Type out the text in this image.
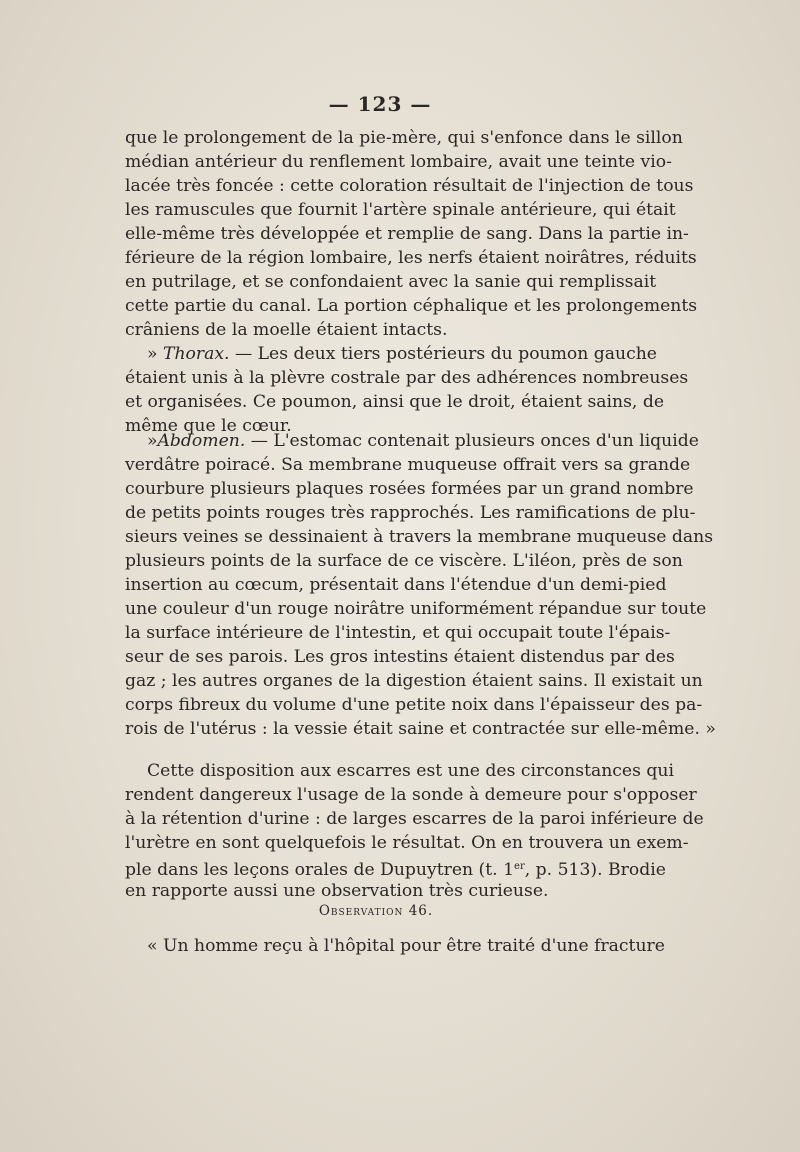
— 123 —
que le prolongement de la pie-mère, qui s'enfonce dans le sillon
médian antérieur du renflement lombaire, avait une teinte vio-
lacée très foncée : cette coloration résultait de l'injection de tous
les ramuscules que fournit l'artère spinale antérieure, qui était
elle-même très développée et remplie de sang. Dans la partie in-
férieure de la région lombaire, les nerfs étaient noirâtres, réduits
en putrilage, et se confondaient avec la sanie qui remplissait
cette partie du canal. La portion céphalique et les prolongements
crâniens de la moelle étaient intacts.
» Thorax. — Les deux tiers postérieurs du poumon gauche
étaient unis à la plèvre costrale par des adhérences nombreuses
et organisées. Ce poumon, ainsi que le droit, étaient sains, de
même que le cœur.
»Abdomen. — L'estomac contenait plusieurs onces d'un liquide
verdâtre poiracé. Sa membrane muqueuse offrait vers sa grande
courbure plusieurs plaques rosées formées par un grand nombre
de petits points rouges très rapprochés. Les ramifications de plu-
sieurs veines se dessinaient à travers la membrane muqueuse dans
plusieurs points de la surface de ce viscère. L'iléon, près de son
insertion au cœcum, présentait dans l'étendue d'un demi-pied
une couleur d'un rouge noirâtre uniformément répandue sur toute
la surface intérieure de l'intestin, et qui occupait toute l'épais-
seur de ses parois. Les gros intestins étaient distendus par des
gaz ; les autres organes de la digestion étaient sains. Il existait un
corps fibreux du volume d'une petite noix dans l'épaisseur des pa-
rois de l'utérus : la vessie était saine et contractée sur elle-même. »
Cette disposition aux escarres est une des circonstances qui
rendent dangereux l'usage de la sonde à demeure pour s'opposer
à la rétention d'urine : de larges escarres de la paroi inférieure de
l'urètre en sont quelquefois le résultat. On en trouvera un exem-
ple dans les leçons orales de Dupuytren (t. 1er, p. 513). Brodie
en rapporte aussi une observation très curieuse.
Observation 46.
« Un homme reçu à l'hôpital pour être traité d'une fracture
